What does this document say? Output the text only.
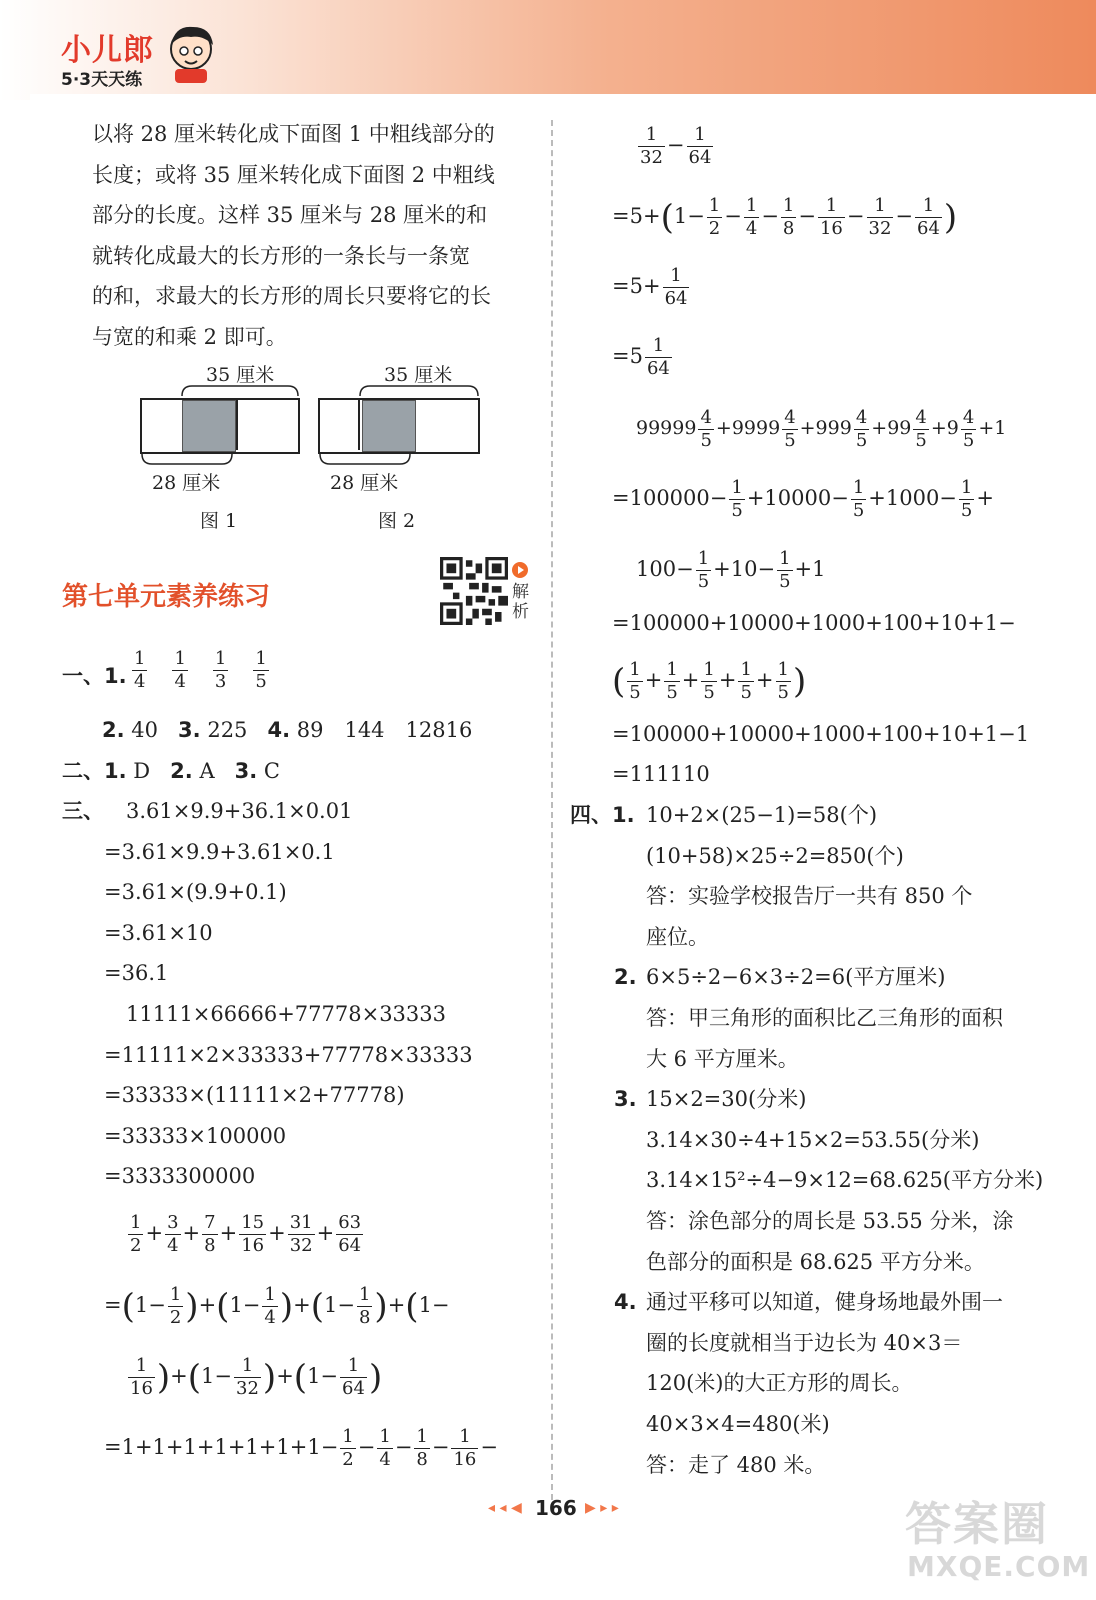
小儿郎
5·3天天练
以将 28 厘米转化成下面图 1 中粗线部分的
长度；或将 35 厘米转化成下面图 2 中粗线
部分的长度。这样 35 厘米与 28 厘米的和
就转化成最大的长方形的一条长与一条宽
的和，求最大的长方形的周长只要将它的长
与宽的和乘 2 即可。
35 厘米
28 厘米
图 1
35 厘米
28 厘米
图 2
第七单元素养练习	解析
一、1. $\frac{1}{4}$
  $\frac{1}{4}$
  $\frac{1}{3}$
  $\frac{1}{5}$

2. 40 3. 225 4. 89　144　12816
二、1. D 2. A 3. C
三、 3.61×9.9+36.1×0.01
=3.61×9.9+3.61×0.1
=3.61×(9.9+0.1)
=3.61×10
=36.1
11111×66666+77778×33333
=11111×2×33333+77778×33333
=33333×(11111×2+77778)
=33333×100000
=3333300000
$\frac{1}{2} + \frac{3}{4} + \frac{7}{8} + \frac{15}{16} + \frac{31}{32} + \frac{63}{64}$
$=(1- \frac{1}{2} )+(1- \frac{1}{4} )+(1- \frac{1}{8} )+(1-$
$\frac{1}{16} )+(1- \frac{1}{32} )+(1- \frac{1}{64}$ )
$=1+1+1+1+1+1+1- \frac{1}{2} - \frac{1}{4} - \frac{1}{8} - \frac{1}{16}$ −
$\frac{1}{32} - \frac{1}{64}$
$=5+(1- \frac{1}{2} - \frac{1}{4} - \frac{1}{8} - \frac{1}{16} - \frac{1}{32} - \frac{1}{64}$ )
$=5+ \frac{1}{64}$
$=5 \frac{1}{64}$
$99999 \frac{4}{5} +9999 \frac{4}{5} +999 \frac{4}{5} +99 \frac{4}{5} +9 \frac{4}{5} +1$
$=100000- \frac{1}{5} +10000- \frac{1}{5} +1000- \frac{1}{5}$ +
$100- \frac{1}{5} +10- \frac{1}{5} +1$
=100000+10000+1000+100+10+1−
( $\frac{1}{5} + \frac{1}{5} + \frac{1}{5} + \frac{1}{5} + \frac{1}{5}$ )
=100000+10000+1000+100+10+1−1
=111110
四、1. 10+2×(25−1)=58(个)
(10+58)×25÷2=850(个)
答：实验学校报告厅一共有 850 个
座位。
2. 6×5÷2−6×3÷2=6(平方厘米)
答：甲三角形的面积比乙三角形的面积
大 6 平方厘米。
3. 15×2=30(分米)
3.14×30÷4+15×2=53.55(分米)
3.14×15²÷4−9×12=68.625(平方分米)
答：涂色部分的周长是 53.55 分米，涂
色部分的面积是 68.625 平方分米。
4. 通过平移可以知道，健身场地最外围一
圈的长度就相当于边长为 40×3＝
120(米)的大正方形的周长。
40×3×4=480(米)
答：走了 480 米。
◂ ◂ ◀ 166 ▶ ▸ ▸	答案圈
MXQE.COM
